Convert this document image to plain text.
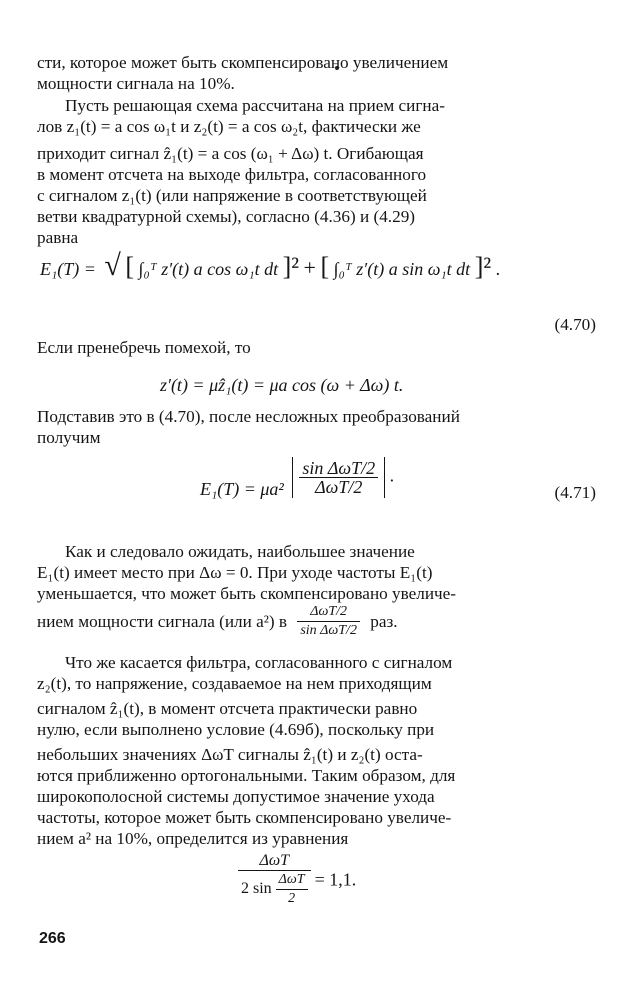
сти, которое может быть скомпенсировано увеличением
мощности сигнала на 10%.
Пусть решающая схема рассчитана на прием сигна-
лов z₁(t) = a cos ω₁t и z₂(t) = a cos ω₂t, фактически же
приходит сигнал ẑ₁(t) = a cos (ω₁ + Δω) t. Огибающая
в момент отсчета на выходе фильтра, согласованного
с сигналом z₁(t) (или напряжение в соответствующей
ветви квадратурной схемы), согласно (4.36) и (4.29)
равна
E₁(T) = √ [ ∫₀ᵀ z′(t) a cos ω₁t dt ]² + [ ∫₀ᵀ z′(t) a sin ω₁t dt ]² .
(4.70)
Если пренебречь помехой, то
z′(t) = μẑ₁(t) = μa cos (ω + Δω) t.
Подставив это в (4.70), после несложных преобразований
получим
$E_1(T) = \mu a^2 \frac{\text{sin ΔωT/2}}{\text{ΔωT/2}}$ .
(4.71)
Как и следовало ожидать, наибольшее значение
E₁(t) имеет место при Δω = 0. При уходе частоты E₁(t)
уменьшается, что может быть скомпенсировано увеличе-
нием мощности сигнала (или a²) в $\frac{\text{ΔωT/2}}{\text{sin ΔωT/2}}$ раз.
Что же касается фильтра, согласованного с сигналом
z₂(t), то напряжение, создаваемое на нем приходящим
сигналом ẑ₁(t), в момент отсчета практически равно
нулю, если выполнено условие (4.69б), поскольку при
небольших значениях ΔωT сигналы ẑ₁(t) и z₂(t) оста-
ются приближенно ортогональными. Таким образом, для
широкополосной системы допустимое значение ухода
частоты, которое может быть скомпенсировано увеличе-
нием a² на 10%, определится из уравнения
$\frac{\text{ΔωT}}{2 \sin \frac{\text{ΔωT}}{2}} = 1,1$.
266
